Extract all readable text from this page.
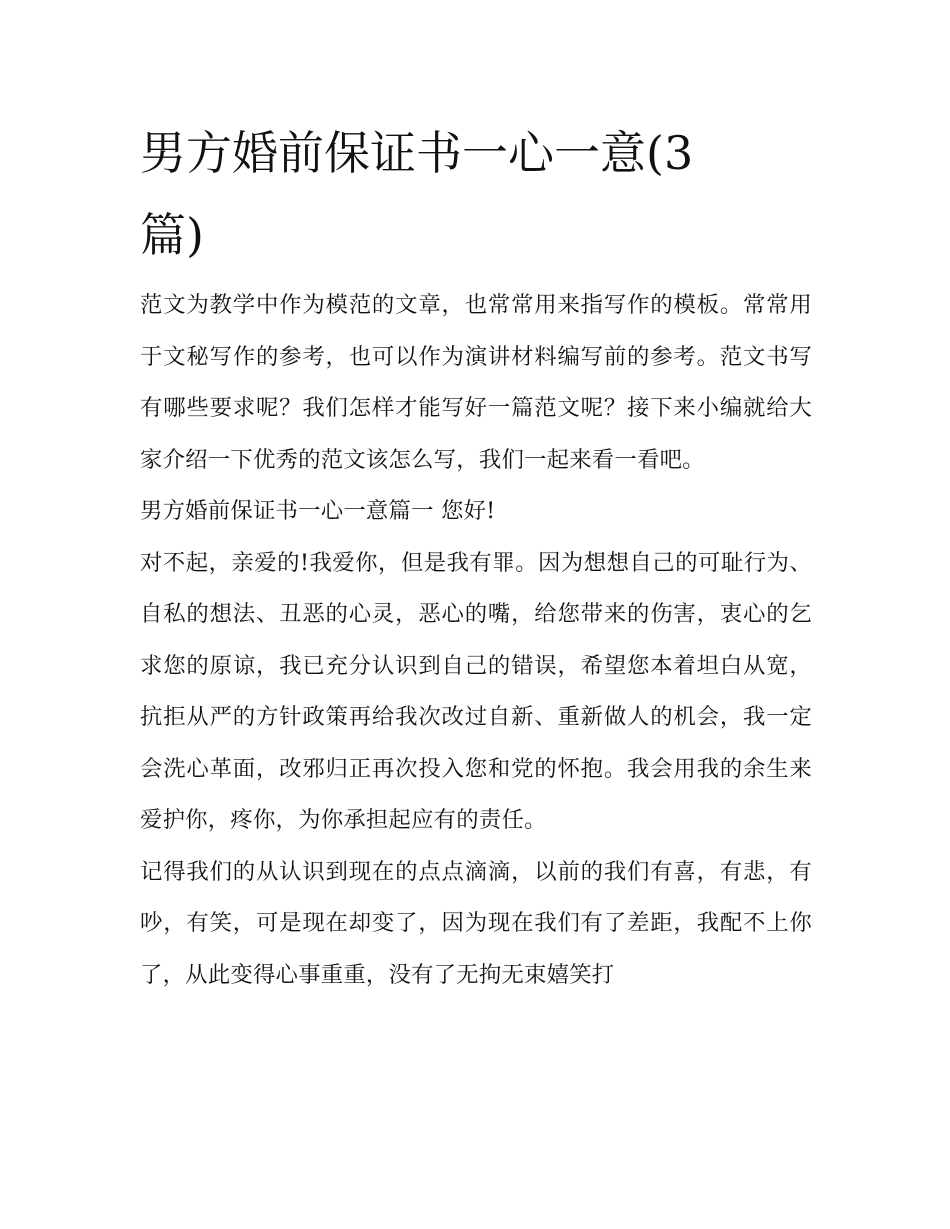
男方婚前保证书一心一意(3
篇)

范文为教学中作为模范的文章，也常常用来指写作的模板。常常用于文秘写作的参考，也可以作为演讲材料编写前的参考。范文书写有哪些要求呢？我们怎样才能写好一篇范文呢？接下来小编就给大家介绍一下优秀的范文该怎么写，我们一起来看一看吧。

男方婚前保证书一心一意篇一 您好!

对不起，亲爱的!我爱你，但是我有罪。因为想想自己的可耻行为、自私的想法、丑恶的心灵，恶心的嘴，给您带来的伤害，衷心的乞求您的原谅，我已充分认识到自己的错误，希望您本着坦白从宽，抗拒从严的方针政策再给我次改过自新、重新做人的机会，我一定会洗心革面，改邪归正再次投入您和党的怀抱。我会用我的余生来爱护你，疼你，为你承担起应有的责任。

记得我们的从认识到现在的点点滴滴，以前的我们有喜，有悲，有吵，有笑，可是现在却变了，因为现在我们有了差距，我配不上你了，从此变得心事重重，没有了无拘无束嬉笑打
